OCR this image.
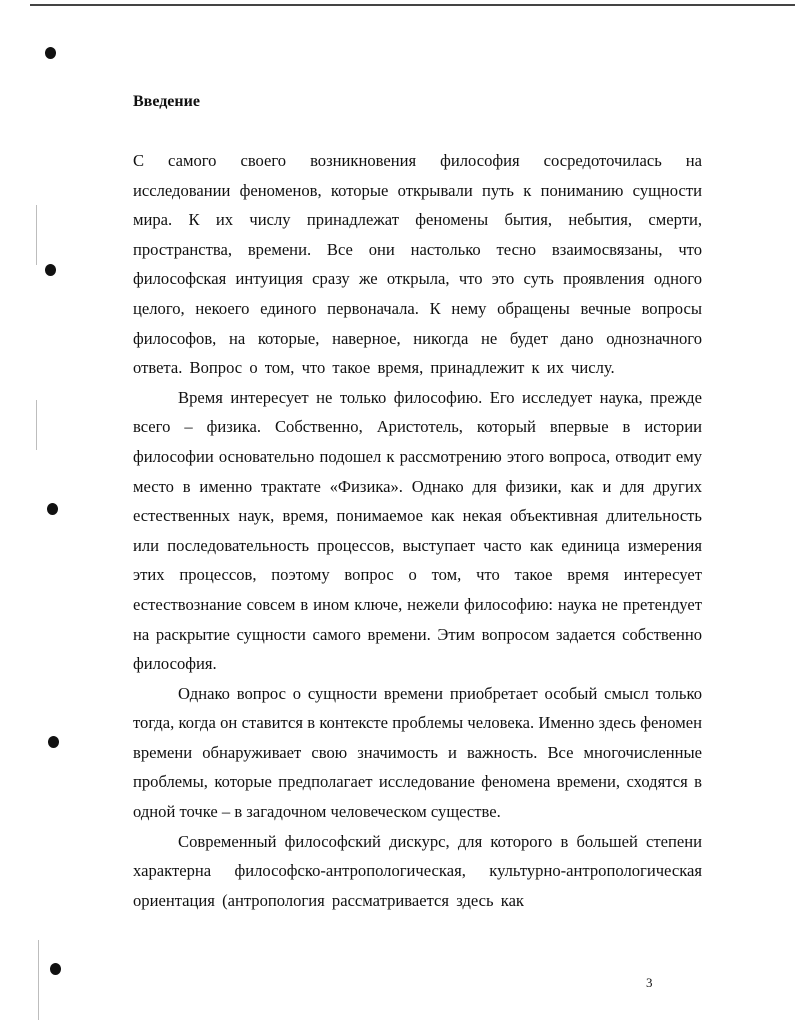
Введение

С самого своего возникновения философия сосредоточилась на исследовании феноменов, которые открывали путь к пониманию сущности мира. К их числу принадлежат феномены бытия, небытия, смерти, пространства, времени. Все они настолько тесно взаимосвязаны, что философская интуиция сразу же открыла, что это суть проявления одного целого, некоего единого первоначала. К нему обращены вечные вопросы философов, на которые, наверное, никогда не будет дано однозначного ответа. Вопрос о том, что такое время, принадлежит к их числу.

Время интересует не только философию. Его исследует наука, прежде всего – физика. Собственно, Аристотель, который впервые в истории философии основательно подошел к рассмотрению этого вопроса, отводит ему место в именно трактате «Физика». Однако для физики, как и для других естественных наук, время, понимаемое как некая объективная длительность или последовательность процессов, выступает часто как единица измерения этих процессов, поэтому вопрос о том, что такое время интересует естествознание совсем в ином ключе, нежели философию: наука не претендует на раскрытие сущности самого времени. Этим вопросом задается собственно философия.

Однако вопрос о сущности времени приобретает особый смысл только тогда, когда он ставится в контексте проблемы человека. Именно здесь феномен времени обнаруживает свою значимость и важность. Все многочисленные проблемы, которые предполагает исследование феномена времени, сходятся в одной точке – в загадочном человеческом существе.

Современный философский дискурс, для которого в большей степени характерна философско-антропологическая, культурно-антропологическая ориентация (антропология рассматривается здесь как

3
